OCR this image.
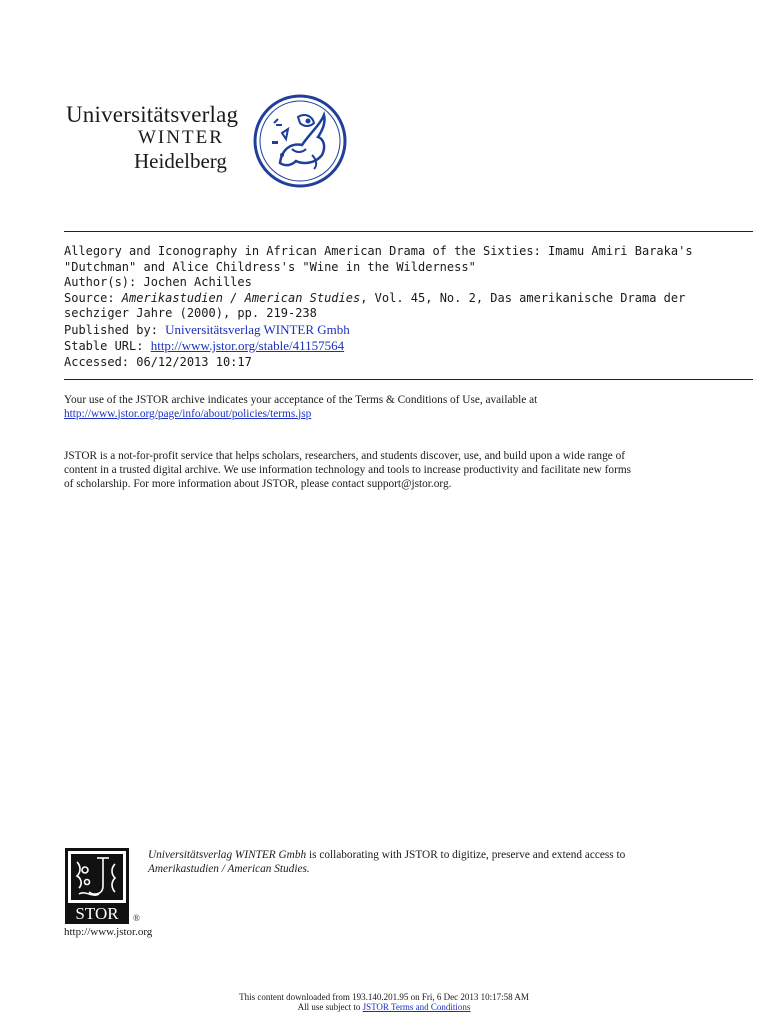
Universitätsverlag
WINTER
Heidelberg
Allegory and Iconography in African American Drama of the Sixties: Imamu Amiri Baraka's
"Dutchman" and Alice Childress's "Wine in the Wilderness"
Author(s): Jochen Achilles
Source: Amerikastudien / American Studies, Vol. 45, No. 2, Das amerikanische Drama der
sechziger Jahre (2000), pp. 219-238
Published by: Universitätsverlag WINTER Gmbh
Stable URL: http://www.jstor.org/stable/41157564
Accessed: 06/12/2013 10:17
Your use of the JSTOR archive indicates your acceptance of the Terms & Conditions of Use, available at
http://www.jstor.org/page/info/about/policies/terms.jsp
JSTOR is a not-for-profit service that helps scholars, researchers, and students discover, use, and build upon a wide range of
content in a trusted digital archive. We use information technology and tools to increase productivity and facilitate new forms
of scholarship. For more information about JSTOR, please contact support@jstor.org.
STOR ®
Universitätsverlag WINTER Gmbh is collaborating with JSTOR to digitize, preserve and extend access to
Amerikastudien / American Studies.
http://www.jstor.org
This content downloaded from 193.140.201.95 on Fri, 6 Dec 2013 10:17:58 AM
All use subject to JSTOR Terms and Conditions
